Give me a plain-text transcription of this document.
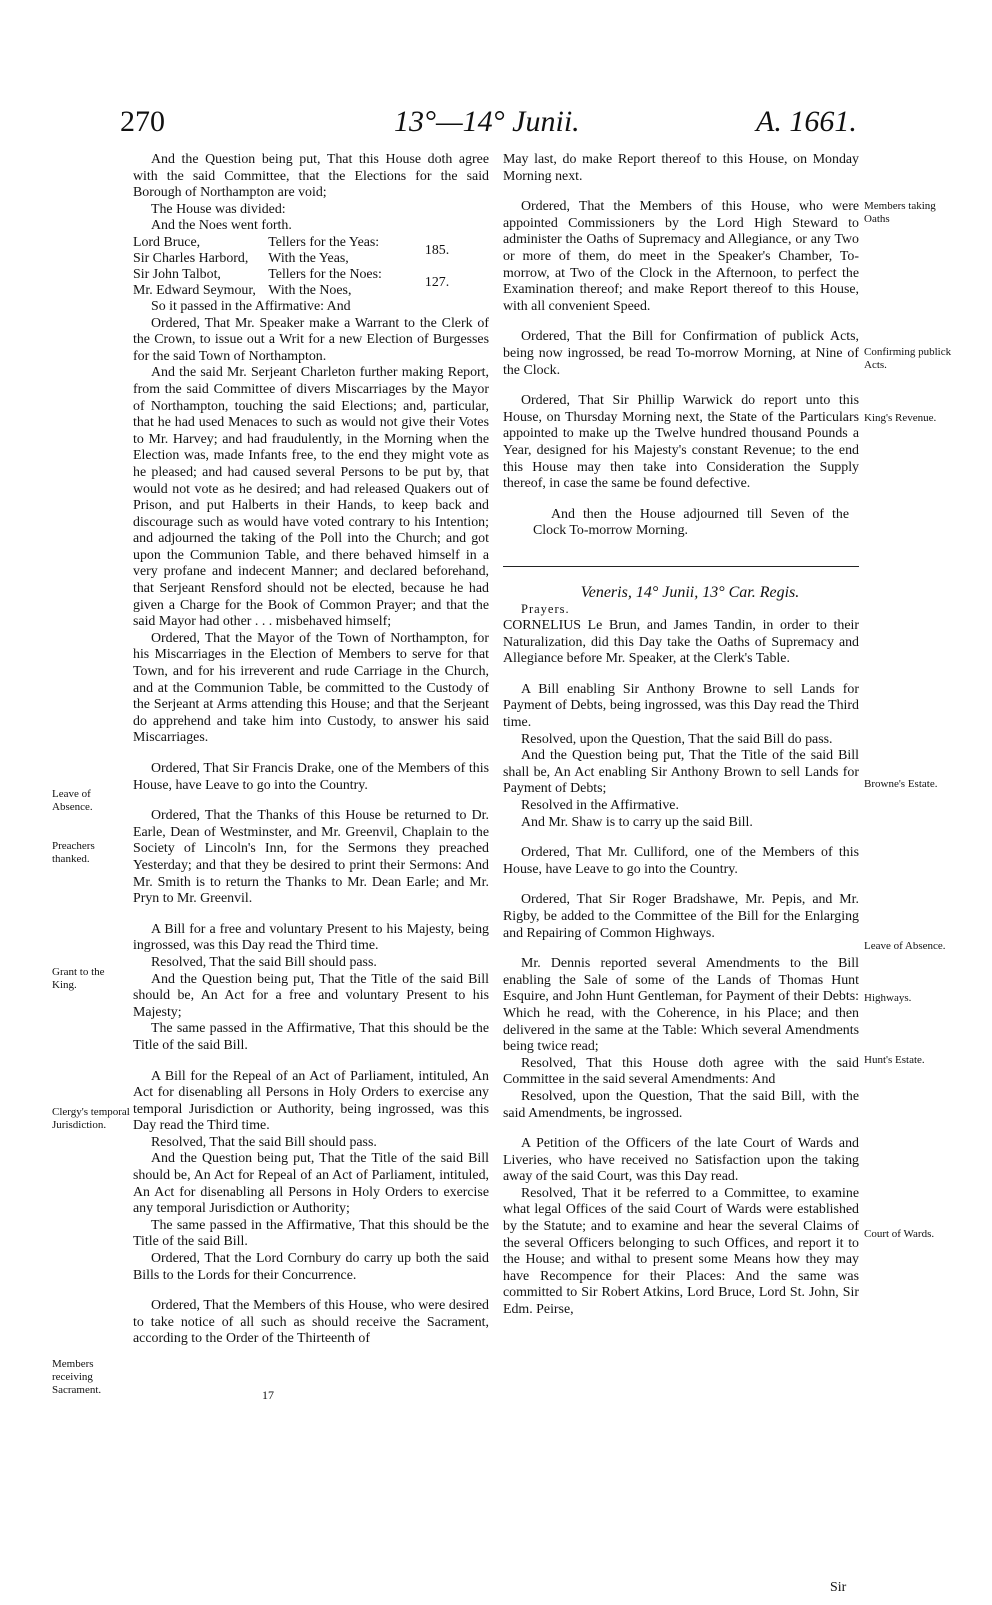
270	13°—14° Junii.	A. 1661.

And the Question being put, That this House doth agree with the said Committee, that the Elections for the said Borough of Northampton are void;

The House was divided:

And the Noes went forth.

Lord Bruce,	Tellers for the Yeas:	185.
Sir Charles Harbord,	With the Yeas,	
Sir John Talbot,	Tellers for the Noes:	127.
Mr. Edward Seymour,	With the Noes,	

So it passed in the Affirmative: And

Ordered, That Mr. Speaker make a Warrant to the Clerk of the Crown, to issue out a Writ for a new Election of Burgesses for the said Town of Northampton.

And the said Mr. Serjeant Charleton further making Report, from the said Committee of divers Miscarriages by the Mayor of Northampton, touching the said Elections; and, particular, that he had used Menaces to such as would not give their Votes to Mr. Harvey; and had fraudulently, in the Morning when the Election was, made Infants free, to the end they might vote as he pleased; and had caused several Persons to be put by, that would not vote as he desired; and had released Quakers out of Prison, and put Halberts in their Hands, to keep back and discourage such as would have voted contrary to his Intention; and adjourned the taking of the Poll into the Church; and got upon the Communion Table, and there behaved himself in a very profane and indecent Manner; and declared beforehand, that Serjeant Rensford should not be elected, because he had given a Charge for the Book of Common Prayer; and that the said Mayor had other . . . misbehaved himself;

Ordered, That the Mayor of the Town of Northampton, for his Miscarriages in the Election of Members to serve for that Town, and for his irreverent and rude Carriage in the Church, and at the Communion Table, be committed to the Custody of the Serjeant at Arms attending this House; and that the Serjeant do apprehend and take him into Custody, to answer his said Miscarriages.

Ordered, That Sir Francis Drake, one of the Members of this House, have Leave to go into the Country.

Ordered, That the Thanks of this House be returned to Dr. Earle, Dean of Westminster, and Mr. Greenvil, Chaplain to the Society of Lincoln's Inn, for the Sermons they preached Yesterday; and that they be desired to print their Sermons: And Mr. Smith is to return the Thanks to Mr. Dean Earle; and Mr. Pryn to Mr. Greenvil.

A Bill for a free and voluntary Present to his Majesty, being ingrossed, was this Day read the Third time.

Resolved, That the said Bill should pass.

And the Question being put, That the Title of the said Bill should be, An Act for a free and voluntary Present to his Majesty;

The same passed in the Affirmative, That this should be the Title of the said Bill.

A Bill for the Repeal of an Act of Parliament, intituled, An Act for disenabling all Persons in Holy Orders to exercise any temporal Jurisdiction or Authority, being ingrossed, was this Day read the Third time.

Resolved, That the said Bill should pass.

And the Question being put, That the Title of the said Bill should be, An Act for Repeal of an Act of Parliament, intituled, An Act for disenabling all Persons in Holy Orders to exercise any temporal Jurisdiction or Authority;

The same passed in the Affirmative, That this should be the Title of the said Bill.

Ordered, That the Lord Cornbury do carry up both the said Bills to the Lords for their Concurrence.

Ordered, That the Members of this House, who were desired to take notice of all such as should receive the Sacrament, according to the Order of the Thirteenth of

Leave of Absence.
Preachers thanked.
Grant to the King.
Clergy's temporal Jurisdiction.
Members receiving Sacrament.	17

May last, do make Report thereof to this House, on Monday Morning next.

Ordered, That the Members of this House, who were appointed Commissioners by the Lord High Steward to administer the Oaths of Supremacy and Allegiance, or any Two or more of them, do meet in the Speaker's Chamber, To-morrow, at Two of the Clock in the Afternoon, to perfect the Examination thereof; and make Report thereof to this House, with all convenient Speed.

Ordered, That the Bill for Confirmation of publick Acts, being now ingrossed, be read To-morrow Morning, at Nine of the Clock.

Ordered, That Sir Phillip Warwick do report unto this House, on Thursday Morning next, the State of the Particulars appointed to make up the Twelve hundred thousand Pounds a Year, designed for his Majesty's constant Revenue; to the end this House may then take into Consideration the Supply thereof, in case the same be found defective.

And then the House adjourned till Seven of the Clock To-morrow Morning.

Veneris, 14° Junii, 13° Car. Regis.

Prayers.

CORNELIUS Le Brun, and James Tandin, in order to their Naturalization, did this Day take the Oaths of Supremacy and Allegiance before Mr. Speaker, at the Clerk's Table.

A Bill enabling Sir Anthony Browne to sell Lands for Payment of Debts, being ingrossed, was this Day read the Third time.

Resolved, upon the Question, That the said Bill do pass.

And the Question being put, That the Title of the said Bill shall be, An Act enabling Sir Anthony Brown to sell Lands for Payment of Debts;

Resolved in the Affirmative.

And Mr. Shaw is to carry up the said Bill.

Ordered, That Mr. Culliford, one of the Members of this House, have Leave to go into the Country.

Ordered, That Sir Roger Bradshawe, Mr. Pepis, and Mr. Rigby, be added to the Committee of the Bill for the Enlarging and Repairing of Common Highways.

Mr. Dennis reported several Amendments to the Bill enabling the Sale of some of the Lands of Thomas Hunt Esquire, and John Hunt Gentleman, for Payment of their Debts: Which he read, with the Coherence, in his Place; and then delivered in the same at the Table: Which several Amendments being twice read;

Resolved, That this House doth agree with the said Committee in the said several Amendments: And

Resolved, upon the Question, That the said Bill, with the said Amendments, be ingrossed.

A Petition of the Officers of the late Court of Wards and Liveries, who have received no Satisfaction upon the taking away of the said Court, was this Day read.

Resolved, That it be referred to a Committee, to examine what legal Offices of the said Court of Wards were established by the Statute; and to examine and hear the several Claims of the several Officers belonging to such Offices, and report it to the House; and withal to present some Means how they may have Recompence for their Places: And the same was committed to Sir Robert Atkins, Lord Bruce, Lord St. John, Sir Edm. Peirse,

Members taking Oaths
Confirming publick Acts.
King's Revenue.
Browne's Estate.
Leave of Absence.
Highways.
Hunt's Estate.
Court of Wards.
Sir
